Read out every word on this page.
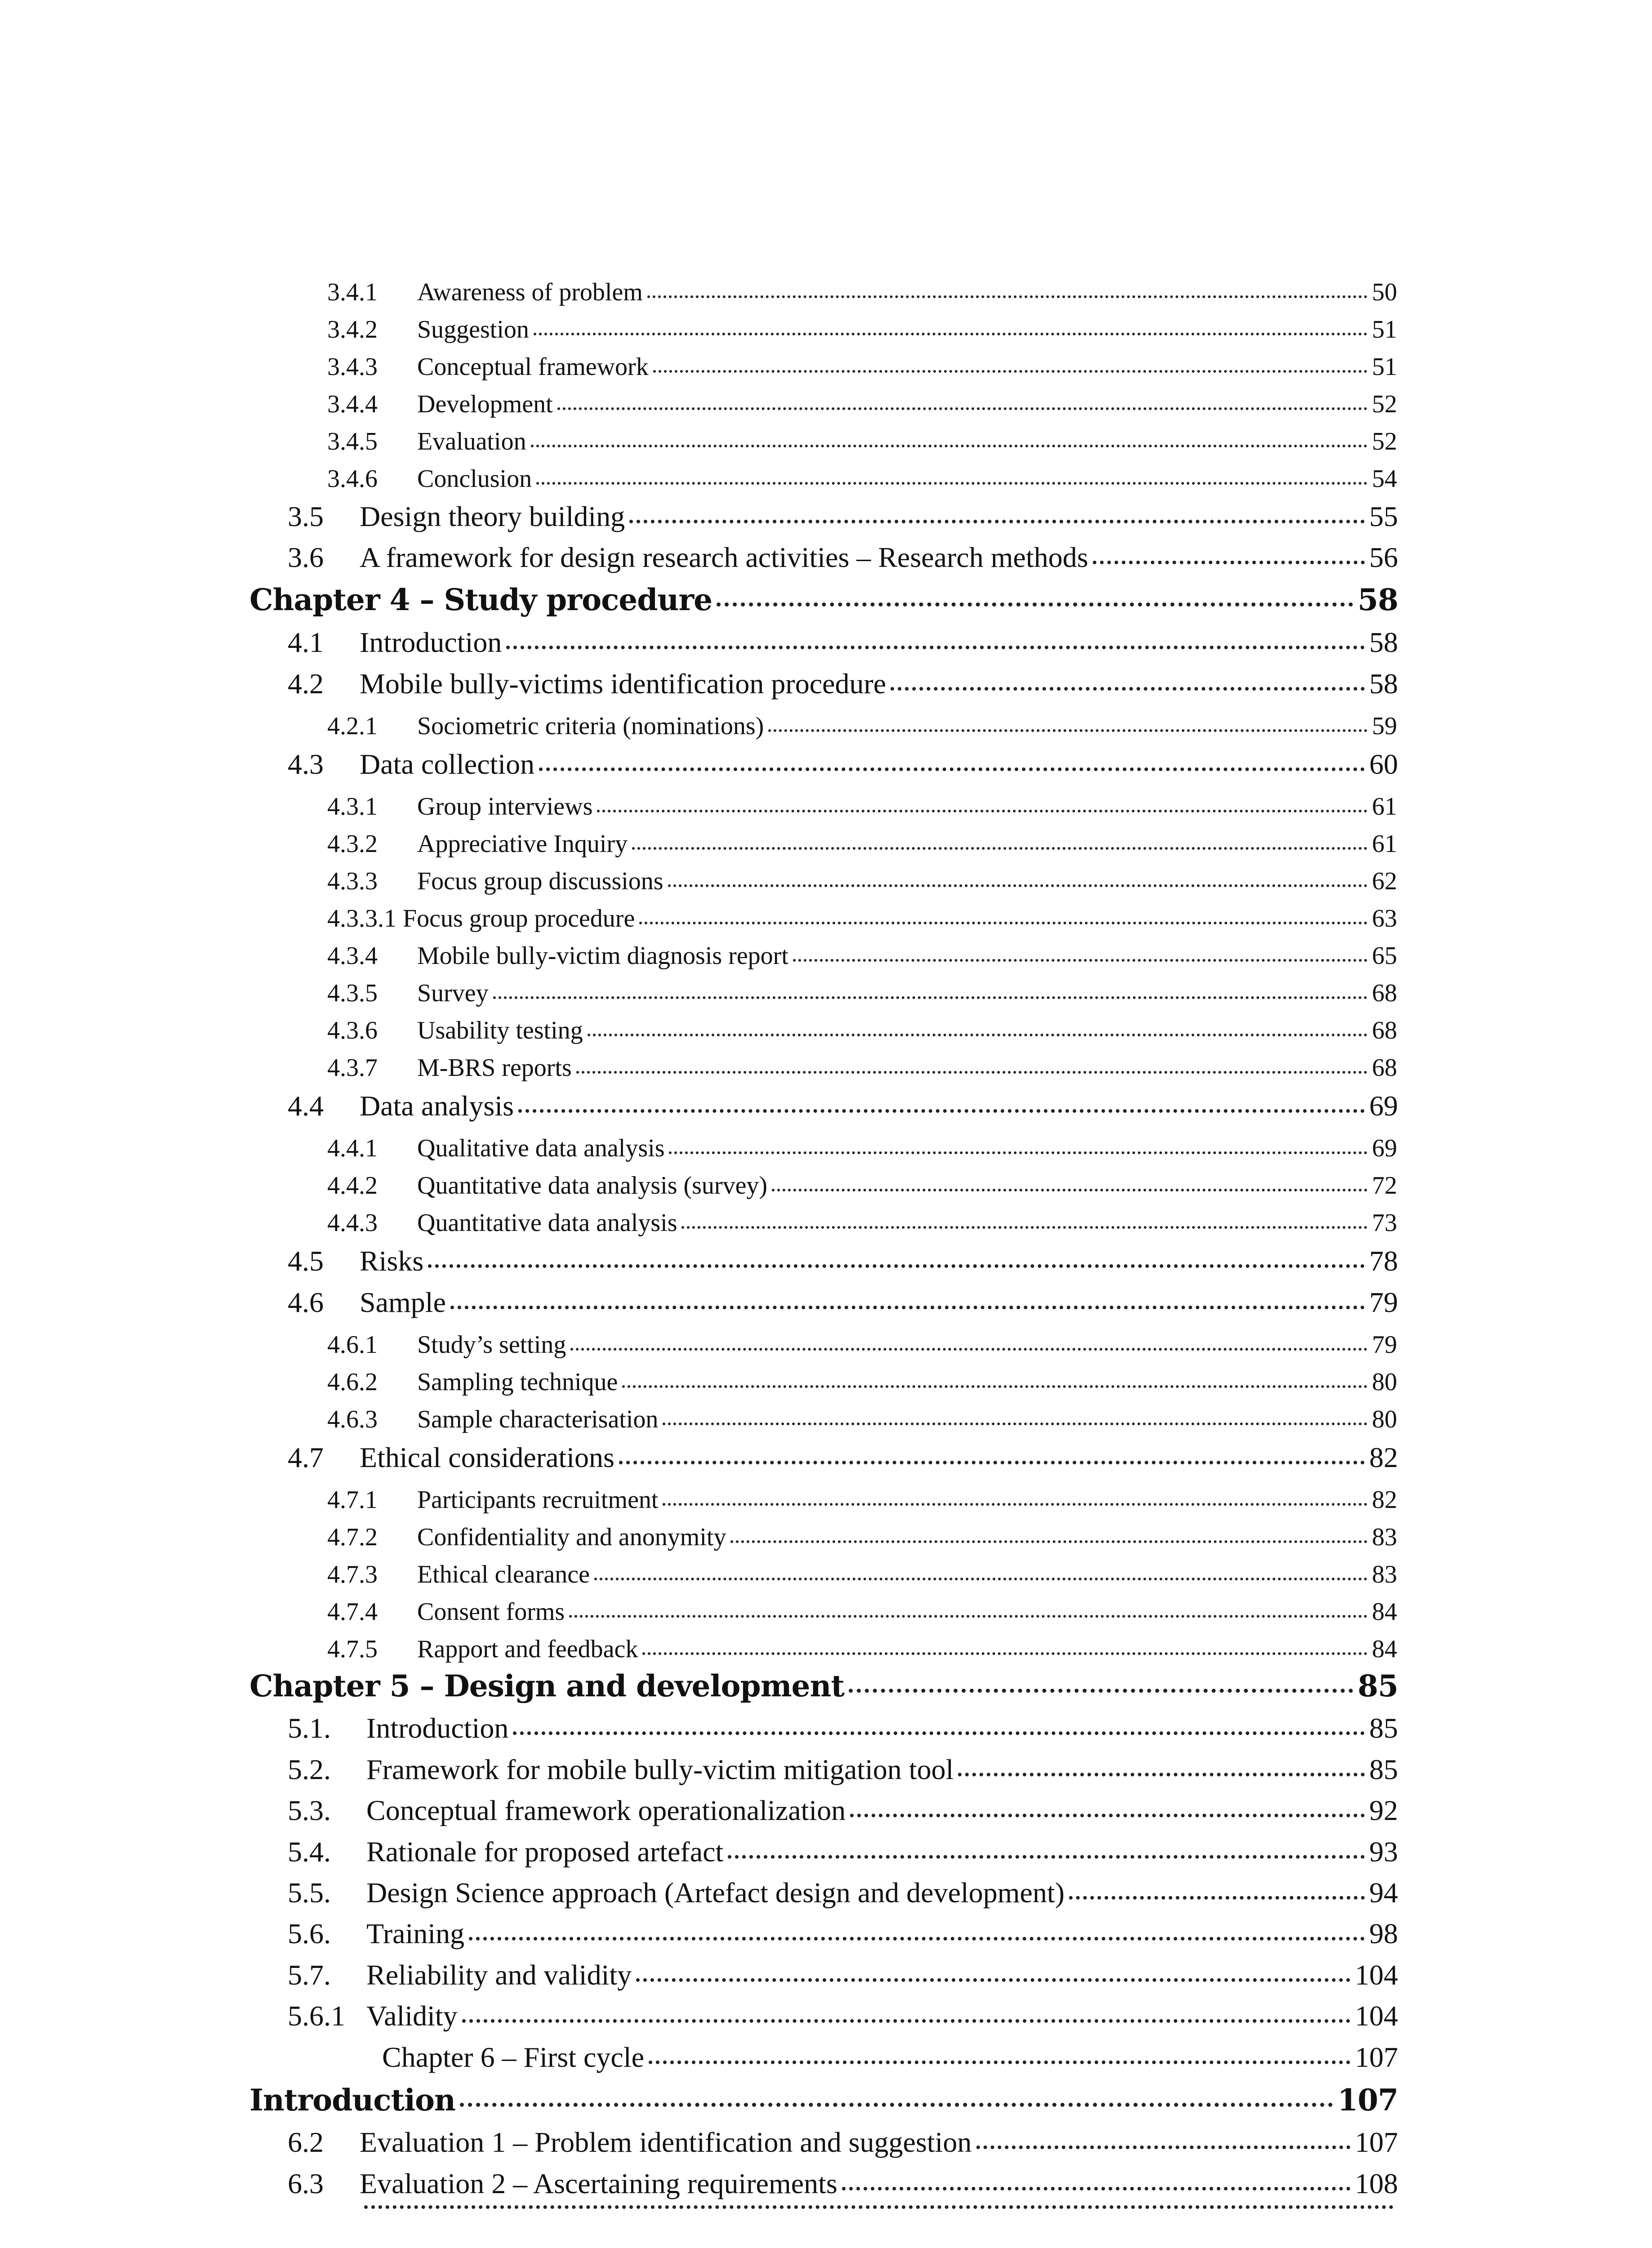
3.4.1	Awareness of problem	50
3.4.2	Suggestion	51
3.4.3	Conceptual framework	51
3.4.4	Development	52
3.4.5	Evaluation	52
3.4.6	Conclusion	54
3.5	Design theory building	55
3.6	A framework for design research activities – Research methods	56
Chapter 4 – Study procedure	58
4.1	Introduction	58
4.2	Mobile bully-victims identification procedure	58
4.2.1	Sociometric criteria (nominations)	59
4.3	Data collection	60
4.3.1	Group interviews	61
4.3.2	Appreciative Inquiry	61
4.3.3	Focus group discussions	62
4.3.3.1 Focus group procedure	63
4.3.4	Mobile bully-victim diagnosis report	65
4.3.5	Survey	68
4.3.6	Usability testing	68
4.3.7	M-BRS reports	68
4.4	Data analysis	69
4.4.1	Qualitative data analysis	69
4.4.2	Quantitative data analysis (survey)	72
4.4.3	Quantitative data analysis	73
4.5	Risks	78
4.6	Sample	79
4.6.1	Study’s setting	79
4.6.2	Sampling technique	80
4.6.3	Sample characterisation	80
4.7	Ethical considerations	82
4.7.1	Participants recruitment	82
4.7.2	Confidentiality and anonymity	83
4.7.3	Ethical clearance	83
4.7.4	Consent forms	84
4.7.5	Rapport and feedback	84
Chapter 5 – Design and development	85
5.1.	Introduction	85
5.2.	Framework for mobile bully-victim mitigation tool	85
5.3.	Conceptual framework operationalization	92
5.4.	Rationale for proposed artefact	93
5.5.	Design Science approach (Artefact design and development)	94
5.6.	Training	98
5.7.	Reliability and validity	104
5.6.1 Validity	104
Chapter 6 – First cycle	107
Introduction	107
6.2	Evaluation 1 – Problem identification and suggestion	107
6.3	Evaluation 2 – Ascertaining requirements	108
